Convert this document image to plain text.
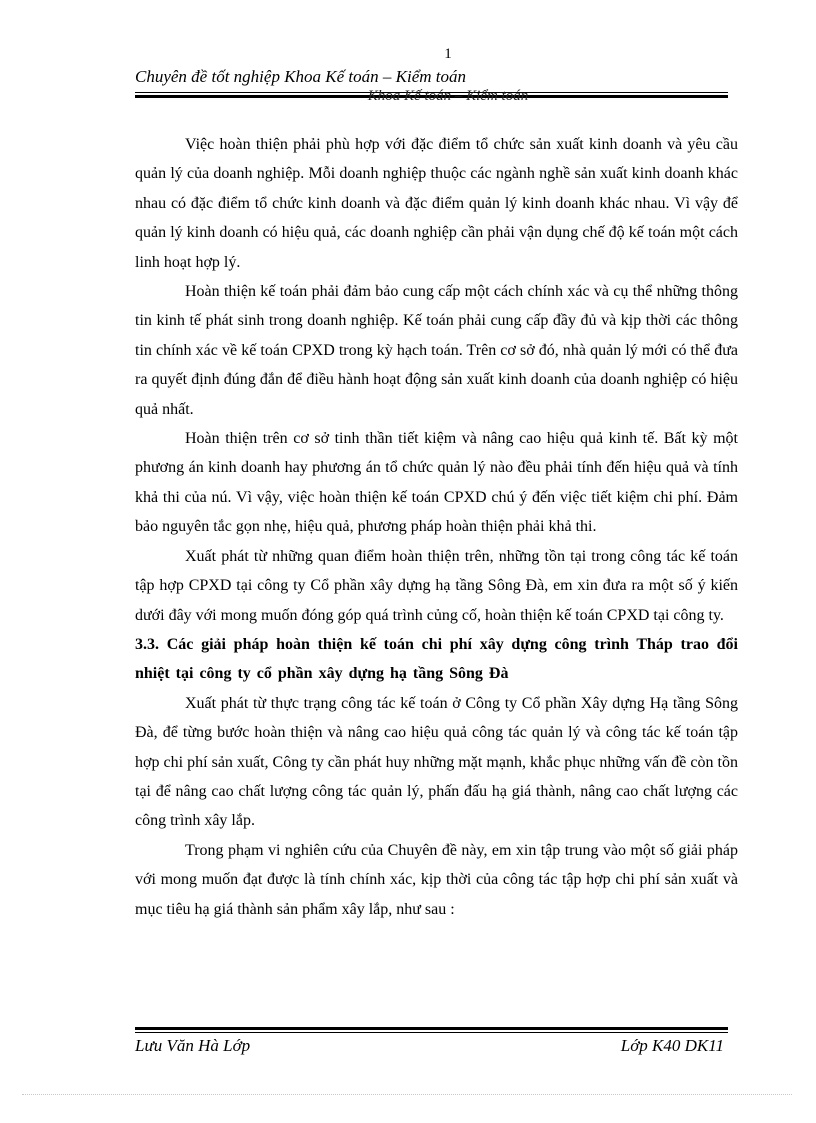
1
Chuyên đề tốt nghiệp Khoa Kế toán – Kiểm toán
Khoa Kế toán – Kiểm toán

Việc hoàn thiện phải phù hợp với đặc điểm tổ chức sản xuất kinh doanh và yêu cầu quản lý của doanh nghiệp. Mỗi doanh nghiệp thuộc các ngành nghề sản xuất kinh doanh khác nhau có đặc điểm tổ chức kinh doanh và đặc điểm quản lý kinh doanh khác nhau. Vì vậy để quản lý kinh doanh có hiệu quả, các doanh nghiệp cần phải vận dụng chế độ kế toán một cách linh hoạt hợp lý.

Hoàn thiện kế toán phải đảm bảo cung cấp một cách chính xác và cụ thể những thông tin kinh tế phát sinh trong doanh nghiệp. Kế toán phải cung cấp đầy đủ và kịp thời các thông tin chính xác về kế toán CPXD trong kỳ hạch toán. Trên cơ sở đó, nhà quản lý mới có thể đưa ra quyết định đúng đắn để điều hành hoạt động sản xuất kinh doanh của doanh nghiệp có hiệu quả nhất.

Hoàn thiện trên cơ sở tinh thần tiết kiệm và nâng cao hiệu quả kinh tế. Bất kỳ một phương án kinh doanh hay phương án tổ chức quản lý nào đều phải tính đến hiệu quả và tính khả thi của nú. Vì vậy, việc hoàn thiện kế toán CPXD chú ý đến việc tiết kiệm chi phí. Đảm bảo nguyên tắc gọn nhẹ, hiệu quả, phương pháp hoàn thiện phải khả thi.

Xuất phát từ những quan điểm hoàn thiện trên, những tồn tại trong công tác kế toán tập hợp CPXD tại công ty Cổ phần xây dựng hạ tầng Sông Đà, em xin đưa ra một số ý kiến dưới đây với mong muốn đóng góp quá trình củng cố, hoàn thiện kế toán CPXD tại công ty.

3.3. Các giải pháp hoàn thiện kế toán chi phí xây dựng công trình Tháp trao đổi nhiệt tại công ty cổ phần xây dựng hạ tầng Sông Đà

Xuất phát từ thực trạng công tác kế toán ở Công ty Cổ phần Xây dựng Hạ tầng Sông Đà, để từng bước hoàn thiện và nâng cao hiệu quả công tác quản lý và công tác kế toán tập hợp chi phí sản xuất, Công ty cần phát huy những mặt mạnh, khắc phục những vấn đề còn tồn tại để nâng cao chất lượng công tác quản lý, phấn đấu hạ giá thành, nâng cao chất lượng các công trình xây lắp.

Trong phạm vi nghiên cứu của Chuyên đề này, em xin tập trung vào một số giải pháp với mong muốn đạt được là tính chính xác, kịp thời của công tác tập hợp chi phí sản xuất và mục tiêu hạ giá thành sản phẩm xây lắp, như sau :

Lưu Văn Hà Lớp	Lớp K40 DK11
